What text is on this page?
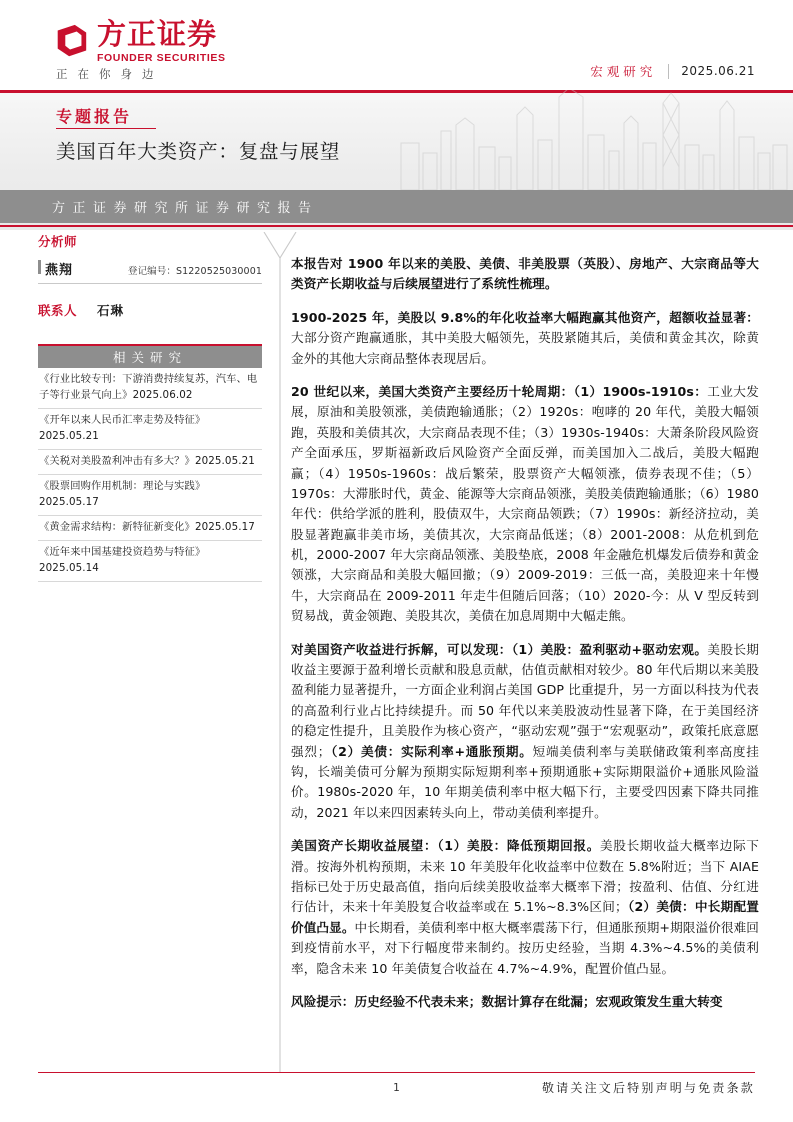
方正证券
FOUNDER SECURITIES
正在你身边	宏观研究 2025.06.21
专题报告
美国百年大类资产：复盘与展望
方正证券研究所证券研究报告
分析师
燕翔	登记编号：S1220525030001
联系人 石琳
相关研究
《行业比较专刊：下游消费持续复苏，汽车、电子等行业景气向上》2025.06.02
《开年以来人民币汇率走势及特征》2025.05.21
《关税对美股盈利冲击有多大？》2025.05.21
《股票回购作用机制：理论与实践》2025.05.17
《黄金需求结构：新特征新变化》2025.05.17
《近年来中国基建投资趋势与特征》2025.05.14

本报告对 1900 年以来的美股、美债、非美股票（英股）、房地产、大宗商品等大类资产长期收益与后续展望进行了系统性梳理。

1900-2025 年，美股以 9.8%的年化收益率大幅跑赢其他资产，超额收益显著：大部分资产跑赢通胀，其中美股大幅领先，英股紧随其后，美债和黄金其次，除黄金外的其他大宗商品整体表现居后。

20 世纪以来，美国大类资产主要经历十轮周期：（1）1900s-1910s：工业大发展，原油和美股领涨，美债跑输通胀；（2）1920s：咆哮的 20 年代，美股大幅领跑，英股和美债其次，大宗商品表现不佳；（3）1930s-1940s：大萧条阶段风险资产全面承压，罗斯福新政后风险资产全面反弹，而美国加入二战后，美股大幅跑赢；（4）1950s-1960s：战后繁荣，股票资产大幅领涨，债券表现不佳；（5）1970s：大滞胀时代，黄金、能源等大宗商品领涨，美股美债跑输通胀；（6）1980 年代：供给学派的胜利，股债双牛，大宗商品领跌；（7）1990s：新经济拉动，美股显著跑赢非美市场，美债其次，大宗商品低迷；（8）2001-2008：从危机到危机，2000-2007 年大宗商品领涨、美股垫底，2008 年金融危机爆发后债券和黄金领涨，大宗商品和美股大幅回撤；（9）2009-2019：三低一高，美股迎来十年慢牛，大宗商品在 2009-2011 年走牛但随后回落；（10）2020-今：从 V 型反转到贸易战，黄金领跑、美股其次，美债在加息周期中大幅走熊。

对美国资产收益进行拆解，可以发现：（1）美股：盈利驱动+驱动宏观。美股长期收益主要源于盈利增长贡献和股息贡献，估值贡献相对较少。80 年代后期以来美股盈利能力显著提升，一方面企业利润占美国 GDP 比重提升，另一方面以科技为代表的高盈利行业占比持续提升。而 50 年代以来美股波动性显著下降，在于美国经济的稳定性提升，且美股作为核心资产，“驱动宏观”强于“宏观驱动”，政策托底意愿强烈；（2）美债：实际利率+通胀预期。短端美债利率与美联储政策利率高度挂钩，长端美债可分解为预期实际短期利率+预期通胀+实际期限溢价+通胀风险溢价。1980s-2020 年，10 年期美债利率中枢大幅下行，主要受四因素下降共同推动，2021 年以来四因素转头向上，带动美债利率提升。

美国资产长期收益展望：（1）美股：降低预期回报。美股长期收益大概率边际下滑。按海外机构预期，未来 10 年美股年化收益率中位数在 5.8%附近；当下 AIAE 指标已处于历史最高值，指向后续美股收益率大概率下滑；按盈利、估值、分红进行估计，未来十年美股复合收益率或在 5.1%~8.3%区间；（2）美债：中长期配置价值凸显。中长期看，美债利率中枢大概率震荡下行，但通胀预期+期限溢价很难回到疫情前水平，对下行幅度带来制约。按历史经验，当期 4.3%~4.5%的美债利率，隐含未来 10 年美债复合收益在 4.7%~4.9%，配置价值凸显。

风险提示：历史经验不代表未来；数据计算存在纰漏；宏观政策发生重大转变

1	敬请关注文后特别声明与免责条款
